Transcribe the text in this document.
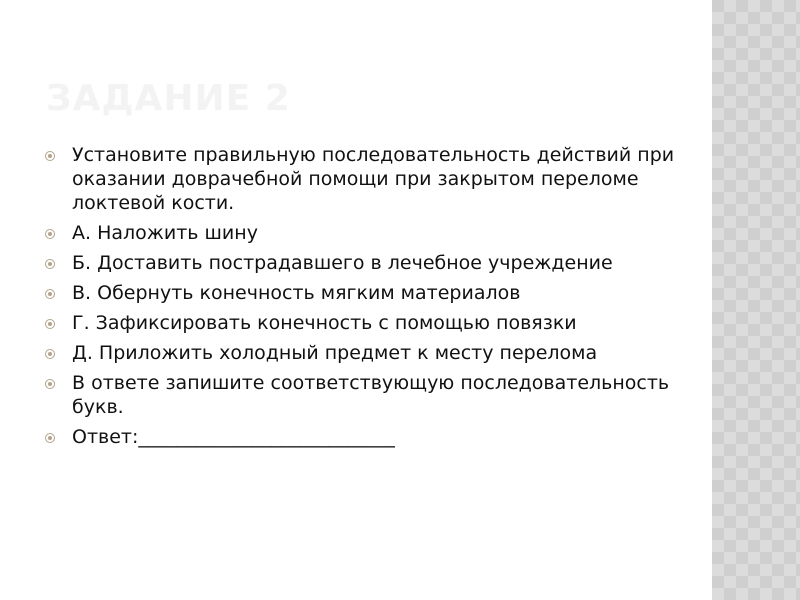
ЗАДАНИЕ 2
Установите правильную последовательность действий при оказании доврачебной помощи при закрытом переломе локтевой кости.
А. Наложить шину
Б. Доставить пострадавшего в лечебное учреждение
В. Обернуть конечность мягким материалов
Г. Зафиксировать конечность с помощью повязки
Д. Приложить холодный предмет к месту перелома
В ответе запишите соответствующую последовательность букв.
Ответ:___________________________
